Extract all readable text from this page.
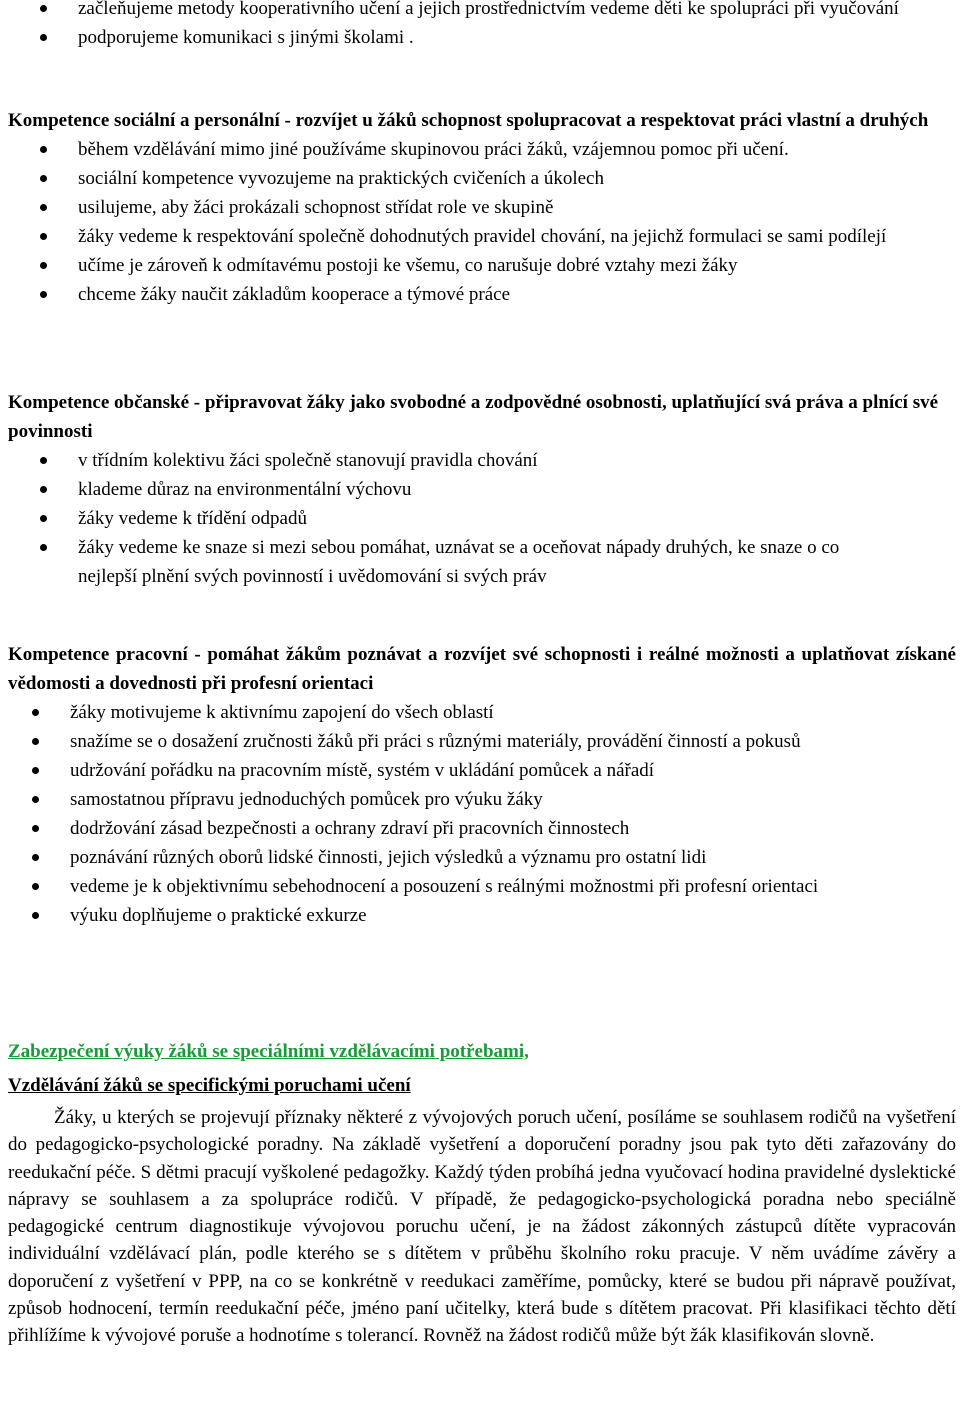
začleňujeme metody kooperativního učení a jejich prostřednictvím vedeme děti ke spolupráci při vyučování
podporujeme komunikaci s jinými školami .
Kompetence sociální a personální - rozvíjet u žáků schopnost spolupracovat a respektovat práci vlastní a druhých
během vzdělávání mimo jiné používáme skupinovou práci žáků, vzájemnou pomoc při učení.
sociální kompetence vyvozujeme na praktických cvičeních a úkolech
usilujeme, aby žáci prokázali schopnost střídat role ve skupině
žáky vedeme k respektování společně dohodnutých pravidel chování, na jejichž formulaci se sami podílejí
učíme je zároveň k odmítavému postoji ke všemu, co narušuje dobré vztahy mezi žáky
chceme žáky naučit základům kooperace a týmové práce
Kompetence občanské - připravovat žáky jako svobodné a zodpovědné osobnosti, uplatňující svá práva a plnící své povinnosti
v třídním kolektivu žáci společně stanovují pravidla chování
klademe důraz na environmentální výchovu
žáky vedeme k třídění odpadů
žáky vedeme ke snaze si mezi sebou pomáhat, uznávat se a oceňovat nápady druhých, ke snaze o co nejlepší plnění svých povinností i uvědomování si svých práv
Kompetence pracovní - pomáhat žákům poznávat a rozvíjet své schopnosti i reálné možnosti a uplatňovat získané vědomosti a dovednosti při profesní orientaci
žáky motivujeme k aktivnímu zapojení do všech oblastí
snažíme se o dosažení zručnosti žáků při práci s různými materiály, provádění činností a pokusů
udržování pořádku na pracovním místě, systém v ukládání pomůcek a nářadí
samostatnou přípravu jednoduchých pomůcek pro výuku žáky
dodržování zásad bezpečnosti a ochrany zdraví při pracovních činnostech
poznávání různých oborů lidské činnosti, jejich výsledků a významu pro ostatní lidi
vedeme je k objektivnímu sebehodnocení a posouzení s reálnými možnostmi při profesní orientaci
výuku doplňujeme o praktické exkurze
Zabezpečení výuky žáků se speciálními vzdělávacími potřebami,
Vzdělávání žáků se specifickými poruchami učení
Žáky, u kterých se projevují příznaky některé z vývojových poruch učení, posíláme se souhlasem rodičů na vyšetření do pedagogicko-psychologické poradny. Na základě vyšetření a doporučení poradny jsou pak tyto děti zařazovány do reedukační péče. S dětmi pracují vyškolené pedagožky. Každý týden probíhá jedna vyučovací hodina pravidelné dyslektické nápravy se souhlasem a za spolupráce rodičů. V případě, že pedagogicko-psychologická poradna nebo speciálně pedagogické centrum diagnostikuje vývojovou poruchu učení, je na žádost zákonných zástupců dítěte vypracován individuální vzdělávací plán, podle kterého se s dítětem v průběhu školního roku pracuje. V něm uvádíme závěry a doporučení z vyšetření v PPP, na co se konkrétně v reedukaci zaměříme, pomůcky, které se budou při nápravě používat, způsob hodnocení, termín reedukační péče, jméno paní učitelky, která bude s dítětem pracovat. Při klasifikaci těchto dětí přihlížíme k vývojové poruše a hodnotíme s tolerancí. Rovněž na žádost rodičů může být žák klasifikován slovně.
